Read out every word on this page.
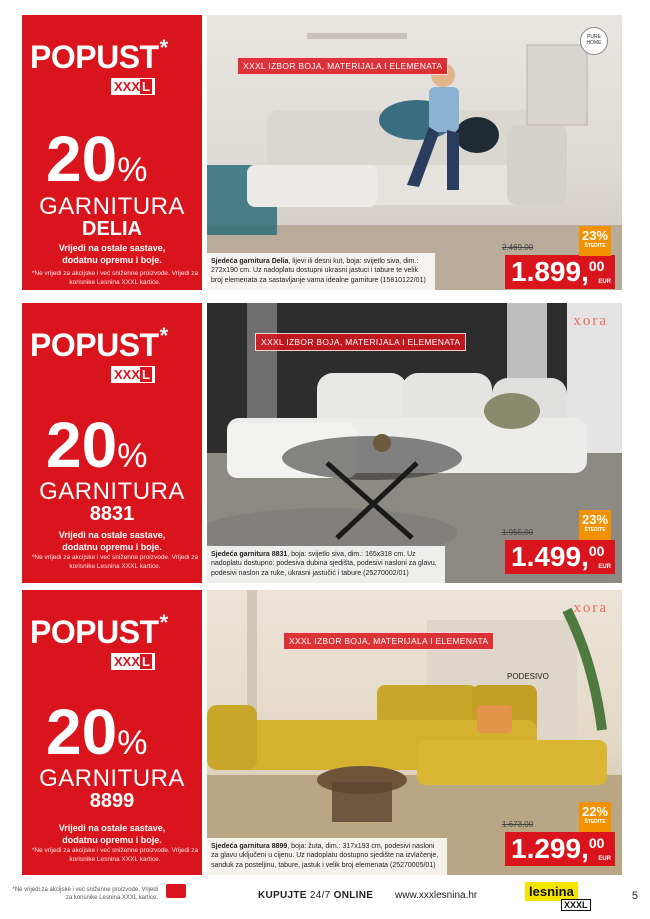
POPUST *
XXX L
20%
GARNITURA
DELIA
Vrijedi na ostale sastave, dodatnu opremu i boje.
*Ne vrijedi za akcijske i već sniženne proizvode. Vrijedi za korisnike Lesnina XXXL kartice.
XXXL IZBOR BOJA, MATERIJALA I ELEMENATA
PURE HOME
Sjedeća garnitura Delia, lijevi ili desni kut, boja: svijetlo siva, dim.: 272x190 cm. Uz nadoplatu dostupni ukrasni jastuci i tabure te velik broj elemenata za sastavljanje vama idealne garniture (15810122/01)
2.469,00
1.899,00
EUR
23%
ŠTEDITE
POPUST *
XXX L
20%
GARNITURA
8831
Vrijedi na ostale sastave, dodatnu opremu i boje.
*Ne vrijedi za akcijske i već sniženne proizvode. Vrijedi za korisnike Lesnina XXXL kartice.
XXXL IZBOR BOJA, MATERIJALA I ELEMENATA
xora
Sjedeća garnitura 8831, boja: svijetlo siva, dim.: 165x318 cm. Uz nadoplatu dostupno: podesiva dubina sjedišta, podesivi nasloni za glavu, podesivi naslon za ruke, ukrasni jastučić i tabure (25270002/01)
1.955,00
1.499,00
EUR
23%
ŠTEDITE
POPUST *
XXX L
20%
GARNITURA
8899
Vrijedi na ostale sastave, dodatnu opremu i boje.
*Ne vrijedi za akcijske i već sniženne proizvode. Vrijedi za korisnike Lesnina XXXL kartice.
XXXL IZBOR BOJA, MATERIJALA I ELEMENATA
xora
PODESIVO
Sjedeća garnitura 8899, boja: žuta, dim.: 317x193 cm, podesivi nasloni za glavu uključeni u cijenu. Uz nadoplatu dostupno sjedište na izvlačenje, sanduk za posteljinu, tabure, jastuk i velik broj elemenata (25270005/01)
1.673,00
1.299,00
EUR
22%
ŠTEDITE
*Ne vrijedi za akcijske i već sniženne proizvode. Vrijedi za korisnike Lesnina XXXL kartice.	KUPUJTE 24/7 ONLINE www.xxxlesnina.hr	lesnina
XXXL
5
